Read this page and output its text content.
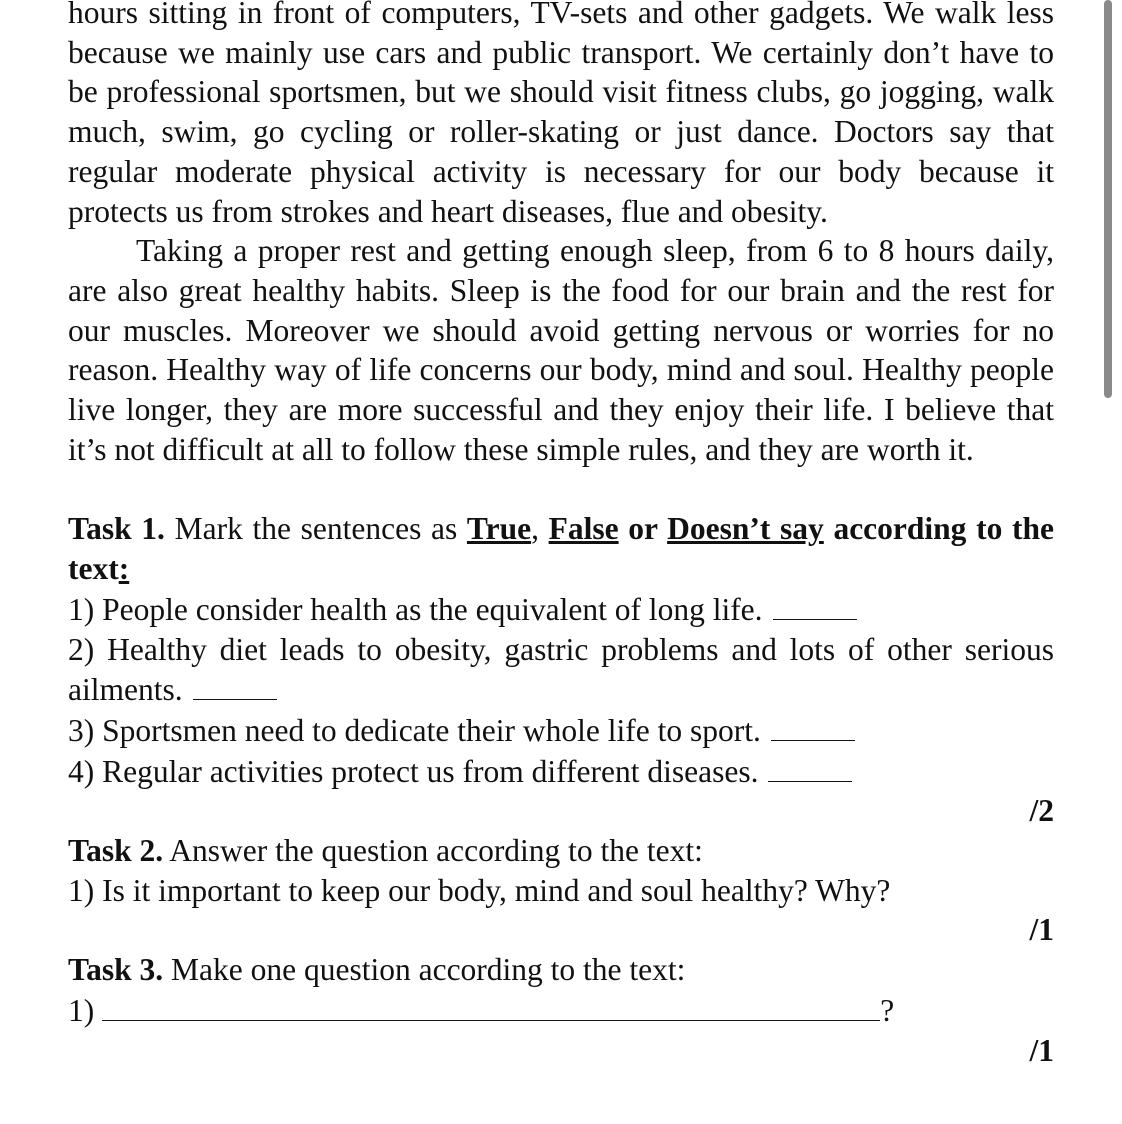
hours sitting in front of computers, TV-sets and other gadgets. We walk less because we mainly use cars and public transport. We certainly don’t have to be professional sportsmen, but we should visit fitness clubs, go jogging, walk much, swim, go cycling or roller-skating or just dance. Doctors say that regular moderate physical activity is necessary for our body because it protects us from strokes and heart diseases, flue and obesity.

Taking a proper rest and getting enough sleep, from 6 to 8 hours daily, are also great healthy habits. Sleep is the food for our brain and the rest for our muscles. Moreover we should avoid getting nervous or worries for no reason. Healthy way of life concerns our body, mind and soul. Healthy people live longer, they are more successful and they enjoy their life. I believe that it’s not difficult at all to follow these simple rules, and they are worth it.

Task 1. Mark the sentences as True, False or Doesn’t say according to the text:

1) People consider health as the equivalent of long life.

2) Healthy diet leads to obesity, gastric problems and lots of other serious ailments.

3) Sportsmen need to dedicate their whole life to sport.

4) Regular activities protect us from different diseases.

/2

Task 2. Answer the question according to the text:

1) Is it important to keep our body, mind and soul healthy? Why?

/1

Task 3. Make one question according to the text:

1)	?

/1
